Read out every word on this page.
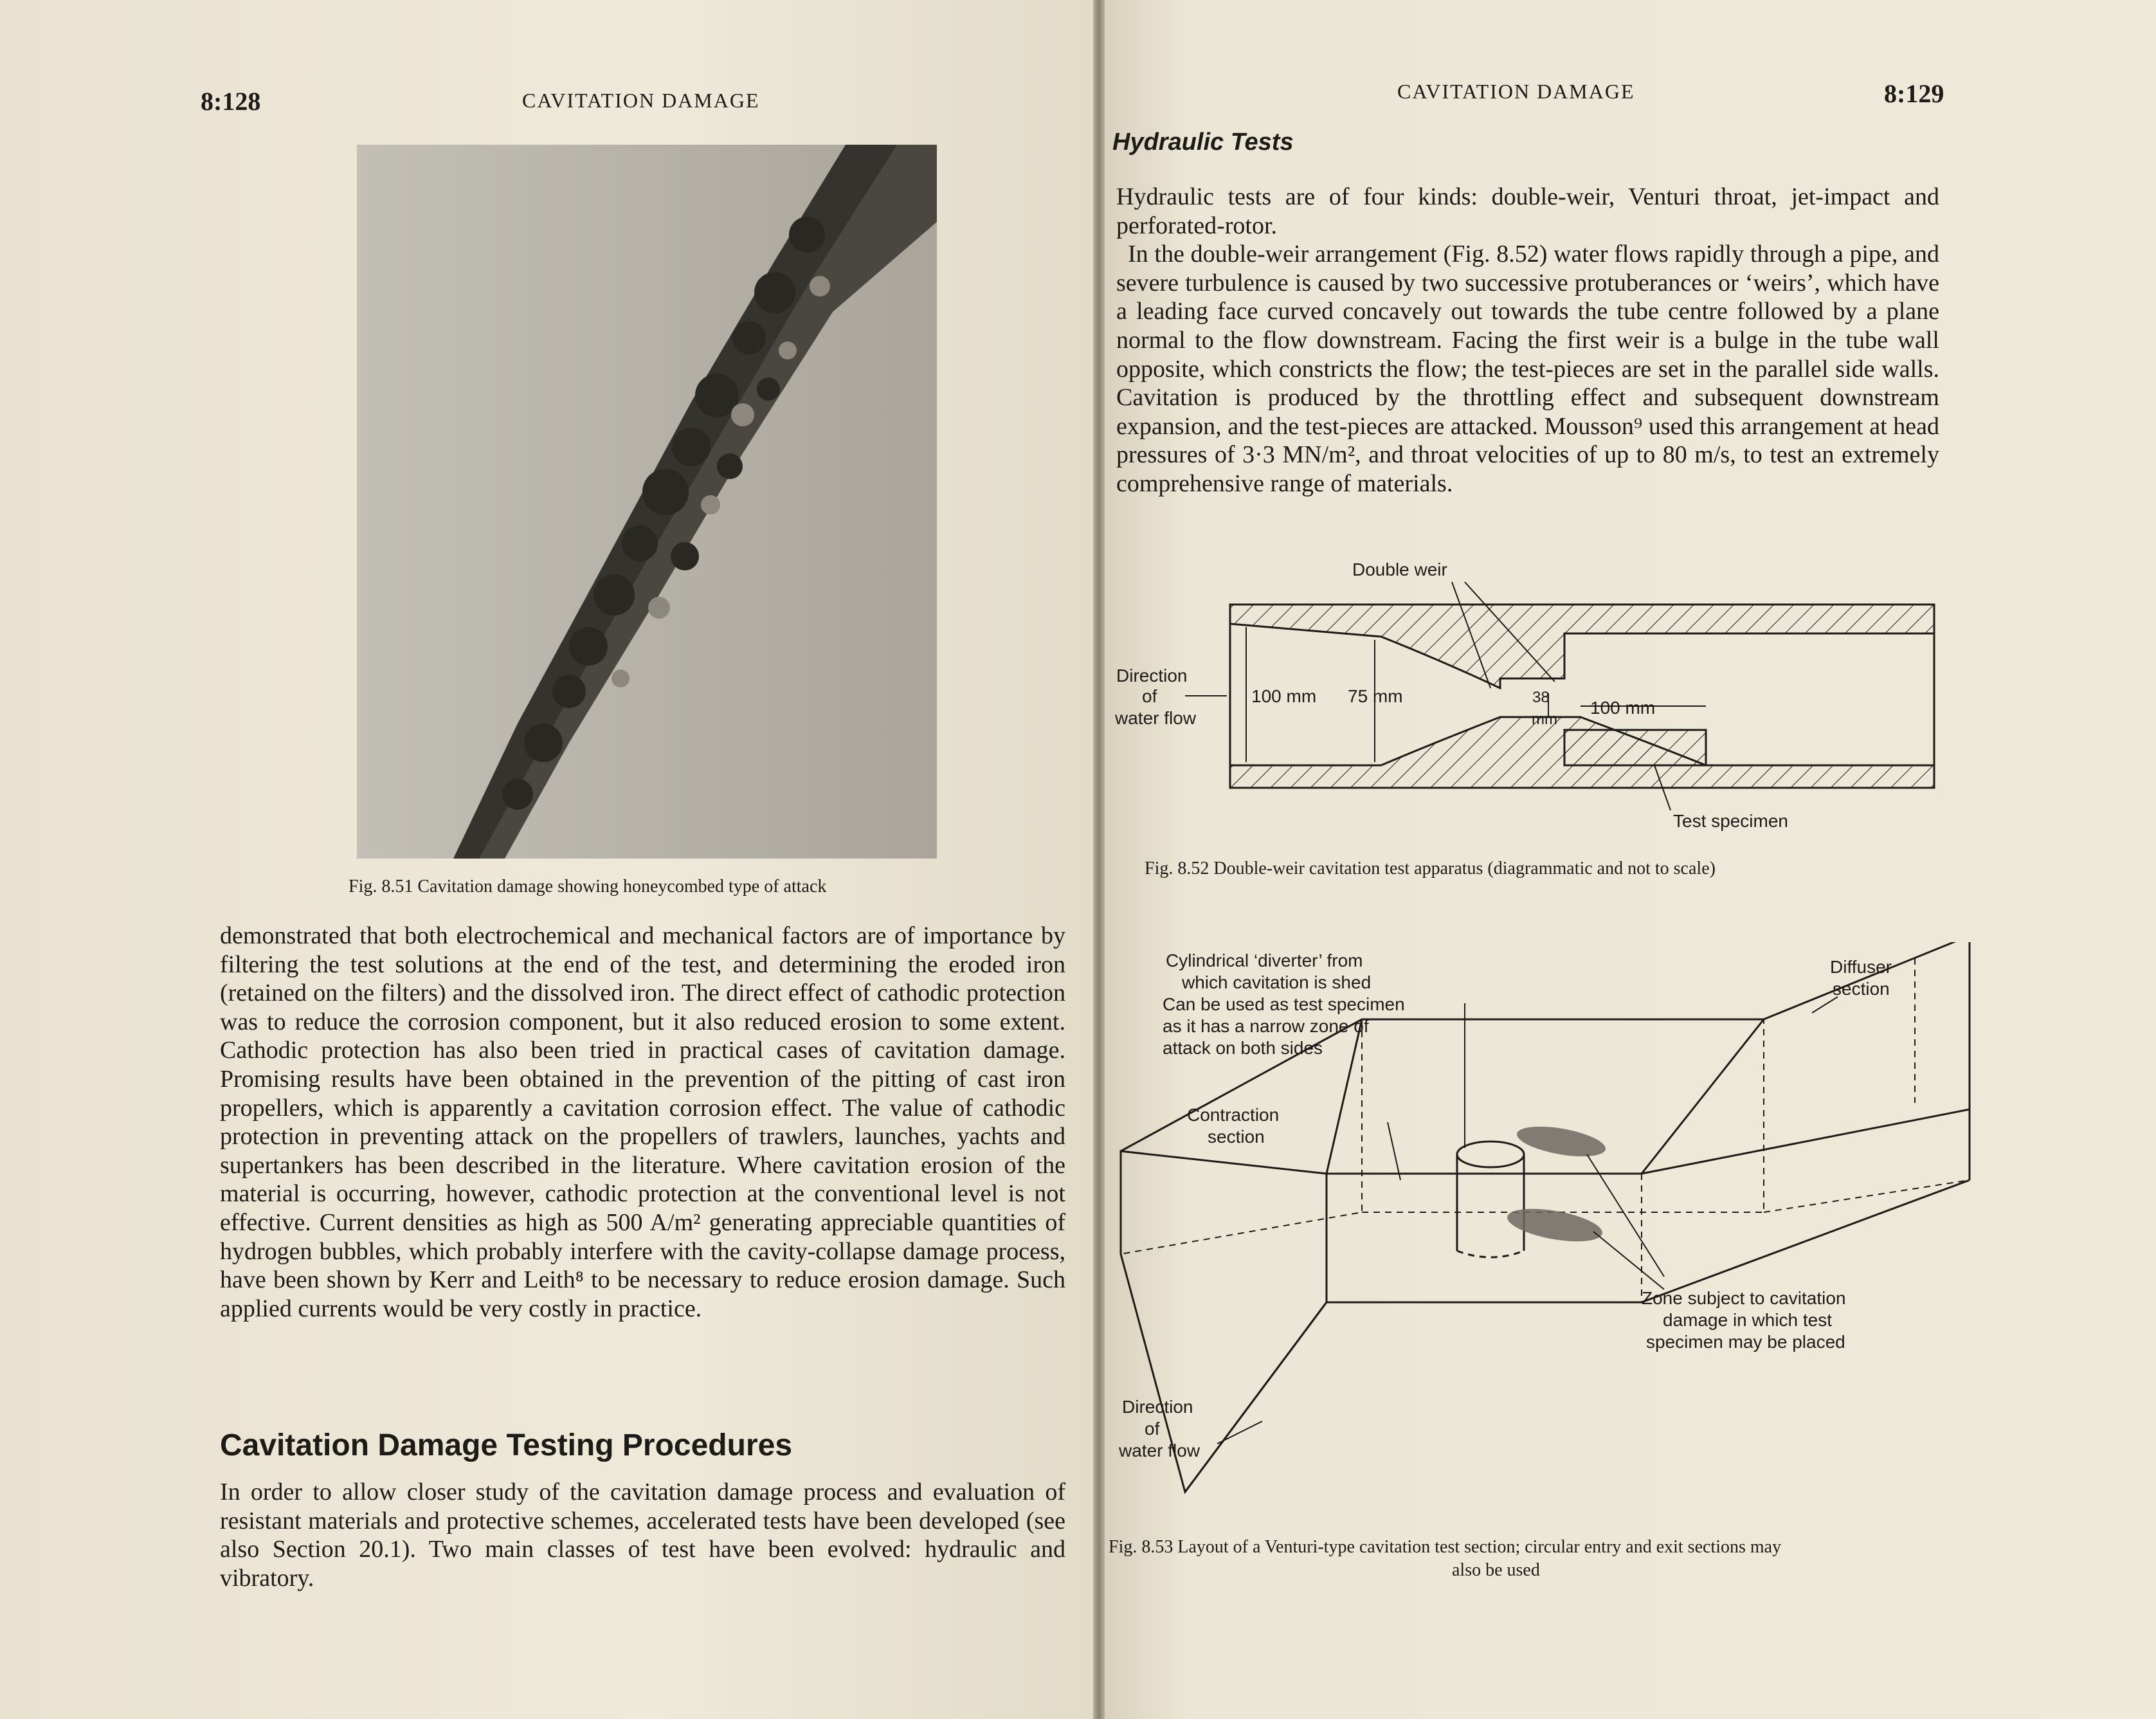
8:128	CAVITATION DAMAGE
Fig. 8.51 Cavitation damage showing honeycombed type of attack

demonstrated that both electrochemical and mechanical factors are of importance by filtering the test solutions at the end of the test, and determining the eroded iron (retained on the filters) and the dissolved iron. The direct effect of cathodic protection was to reduce the corrosion component, but it also reduced erosion to some extent. Cathodic protection has also been tried in practical cases of cavitation damage. Promising results have been obtained in the prevention of the pitting of cast iron propellers, which is apparently a cavitation corrosion effect. The value of cathodic protection in preventing attack on the propellers of trawlers, launches, yachts and supertankers has been described in the literature. Where cavitation erosion of the material is occurring, however, cathodic protection at the conventional level is not effective. Current densities as high as 500 A/m² generating appreciable quantities of hydrogen bubbles, which probably interfere with the cavity-collapse damage process, have been shown by Kerr and Leith⁸ to be necessary to reduce erosion damage. Such applied currents would be very costly in practice.

Cavitation Damage Testing Procedures

In order to allow closer study of the cavitation damage process and evaluation of resistant materials and protective schemes, accelerated tests have been developed (see also Section 20.1). Two main classes of test have been evolved: hydraulic and vibratory.

CAVITATION DAMAGE	8:129
Hydraulic Tests

Hydraulic tests are of four kinds: double-weir, Venturi throat, jet-impact and perforated-rotor.

In the double-weir arrangement (Fig. 8.52) water flows rapidly through a pipe, and severe turbulence is caused by two successive protuberances or ‘weirs’, which have a leading face curved concavely out towards the tube centre followed by a plane normal to the flow downstream. Facing the first weir is a bulge in the tube wall opposite, which constricts the flow; the test-pieces are set in the parallel side walls. Cavitation is produced by the throttling effect and subsequent downstream expansion, and the test-pieces are attacked. Mousson⁹ used this arrangement at head pressures of 3·3 MN/m², and throat velocities of up to 80 m/s, to test an extremely comprehensive range of materials.

Double weir
Direction
of
water flow
100 mm 75 mm	38
mm
100 mm
Test specimen
Fig. 8.52 Double-weir cavitation test apparatus (diagrammatic and not to scale)
Cylindrical ‘diverter’ from
which cavitation is shed
Can be used as test specimen
as it has a narrow zone of
attack on both sides
Diffuser
section
Contraction
section
Zone subject to cavitation
damage in which test
specimen may be placed
Direction
of
water flow
Fig. 8.53 Layout of a Venturi-type cavitation test section; circular entry and exit sections may
also be used
